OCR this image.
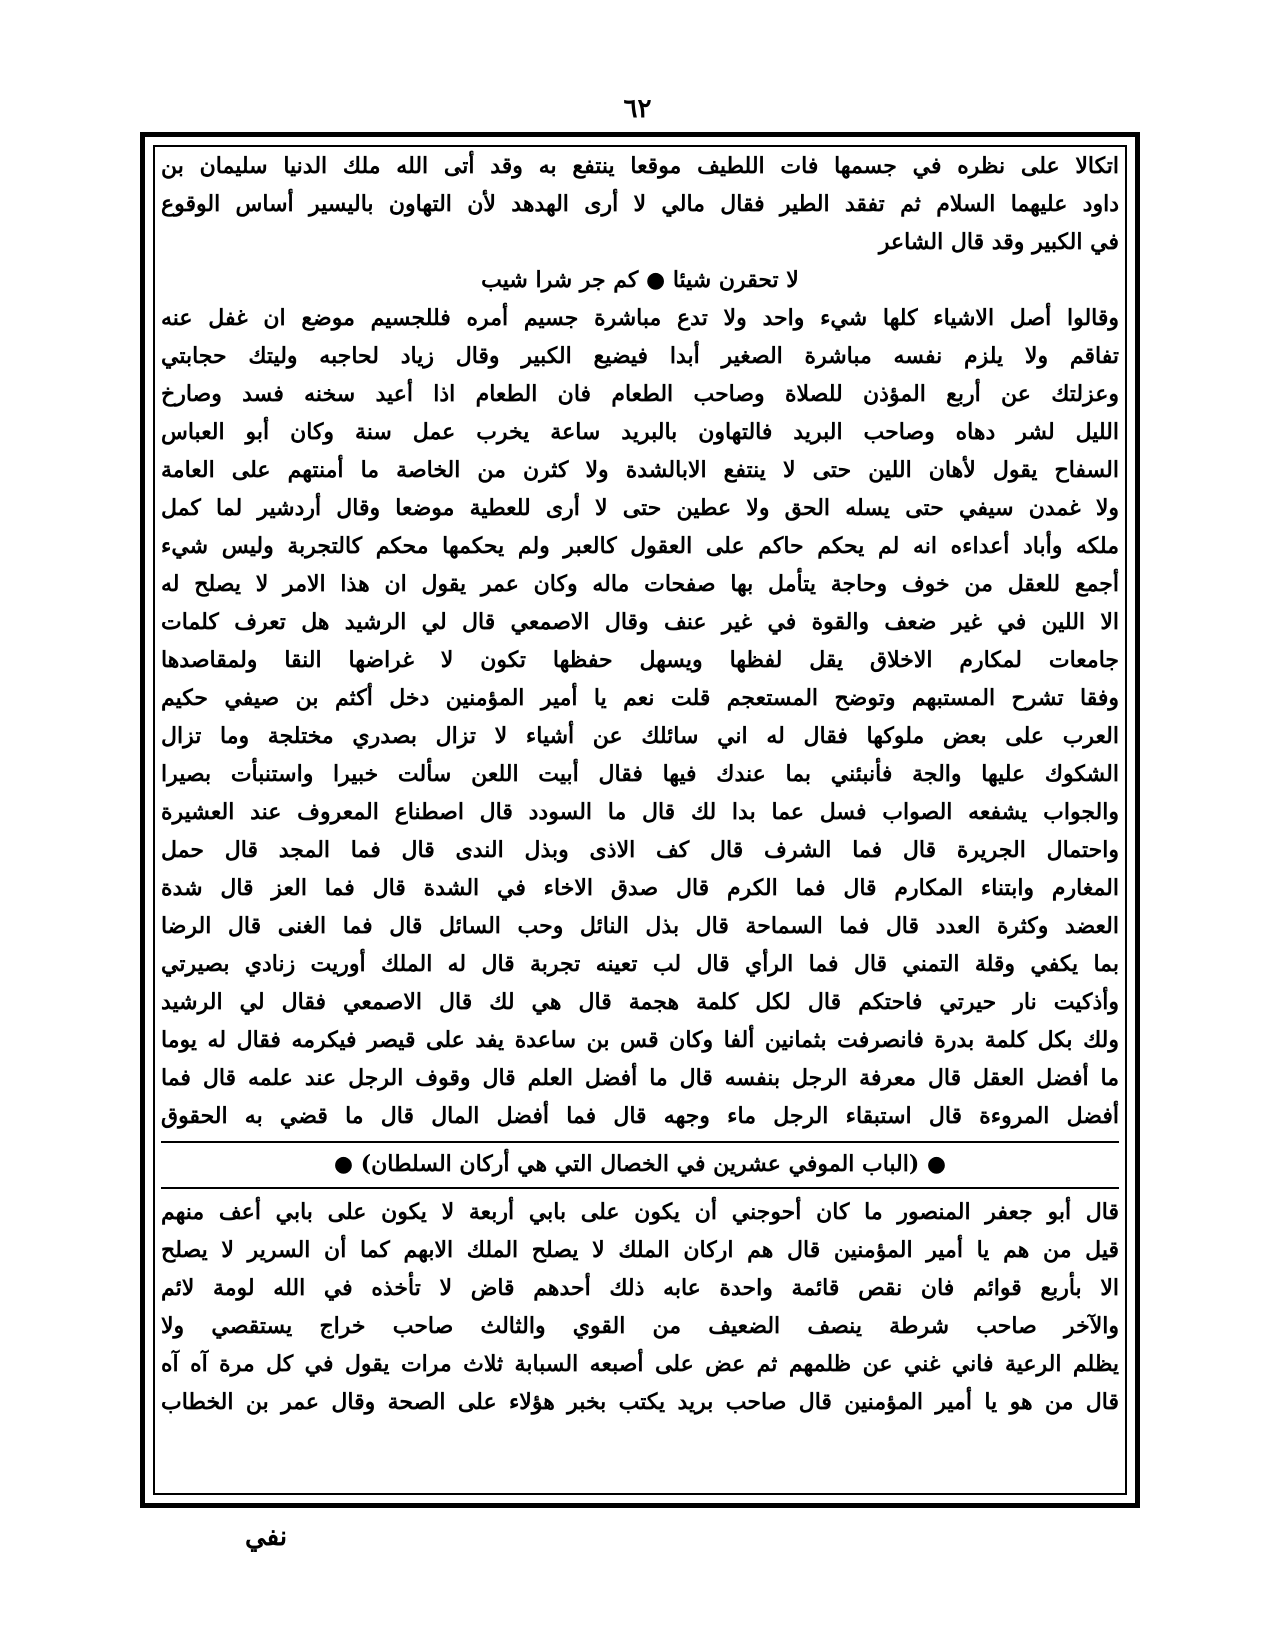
٦٢
اتكالا على نظره في جسمها فات اللطيف موقعا ينتفع به وقد أتى الله ملك الدنيا سليمان بن
داود عليهما السلام ثم تفقد الطير فقال مالي لا أرى الهدهد لأن التهاون باليسير أساس الوقوع
في الكبير وقد قال الشاعر
لا تحقرن شيئا ● كم جر شرا شيب
وقالوا أصل الاشياء كلها شيء واحد ولا تدع مباشرة جسيم أمره فللجسيم موضع ان غفل عنه
تفاقم ولا يلزم نفسه مباشرة الصغير أبدا فيضيع الكبير وقال زياد لحاجبه وليتك حجابتي
وعزلتك عن أربع المؤذن للصلاة وصاحب الطعام فان الطعام اذا أعيد سخنه فسد وصارخ
الليل لشر دهاه وصاحب البريد فالتهاون بالبريد ساعة يخرب عمل سنة وكان أبو العباس
السفاح يقول لأهان اللين حتى لا ينتفع الابالشدة ولا كثرن من الخاصة ما أمنتهم على العامة
ولا غمدن سيفي حتى يسله الحق ولا عطين حتى لا أرى للعطية موضعا وقال أردشير لما كمل
ملكه وأباد أعداءه انه لم يحكم حاكم على العقول كالعبر ولم يحكمها محكم كالتجربة وليس شيء
أجمع للعقل من خوف وحاجة يتأمل بها صفحات ماله وكان عمر يقول ان هذا الامر لا يصلح له
الا اللين في غير ضعف والقوة في غير عنف وقال الاصمعي قال لي الرشيد هل تعرف كلمات
جامعات لمكارم الاخلاق يقل لفظها ويسهل حفظها تكون لا غراضها النقا ولمقاصدها
وفقا تشرح المستبهم وتوضح المستعجم قلت نعم يا أمير المؤمنين دخل أكثم بن صيفي حكيم
العرب على بعض ملوكها فقال له اني سائلك عن أشياء لا تزال بصدري مختلجة وما تزال
الشكوك عليها والجة فأنبئني بما عندك فيها فقال أبيت اللعن سألت خبيرا واستنبأت بصيرا
والجواب يشفعه الصواب فسل عما بدا لك قال ما السودد قال اصطناع المعروف عند العشيرة
واحتمال الجريرة قال فما الشرف قال كف الاذى وبذل الندى قال فما المجد قال حمل
المغارم وابتناء المكارم قال فما الكرم قال صدق الاخاء في الشدة قال فما العز قال شدة
العضد وكثرة العدد قال فما السماحة قال بذل النائل وحب السائل قال فما الغنى قال الرضا
بما يكفي وقلة التمني قال فما الرأي قال لب تعينه تجربة قال له الملك أوريت زنادي بصيرتي
وأذكيت نار حيرتي فاحتكم قال لكل كلمة هجمة قال هي لك قال الاصمعي فقال لي الرشيد
ولك بكل كلمة بدرة فانصرفت بثمانين ألفا وكان قس بن ساعدة يفد على قيصر فيكرمه فقال له يوما
ما أفضل العقل قال معرفة الرجل بنفسه قال ما أفضل العلم قال وقوف الرجل عند علمه قال فما
أفضل المروءة قال استبقاء الرجل ماء وجهه قال فما أفضل المال قال ما قضي به الحقوق
● (الباب الموفي عشرين في الخصال التي هي أركان السلطان) ●
قال أبو جعفر المنصور ما كان أحوجني أن يكون على بابي أربعة لا يكون على بابي أعف منهم
قيل من هم يا أمير المؤمنين قال هم اركان الملك لا يصلح الملك الابهم كما أن السرير لا يصلح
الا بأربع قوائم فان نقص قائمة واحدة عابه ذلك أحدهم قاض لا تأخذه في الله لومة لائم
والآخر صاحب شرطة ينصف الضعيف من القوي والثالث صاحب خراج يستقصي ولا
يظلم الرعية فاني غني عن ظلمهم ثم عض على أصبعه السبابة ثلاث مرات يقول في كل مرة آه آه
قال من هو يا أمير المؤمنين قال صاحب بريد يكتب بخبر هؤلاء على الصحة وقال عمر بن الخطاب
نفي
